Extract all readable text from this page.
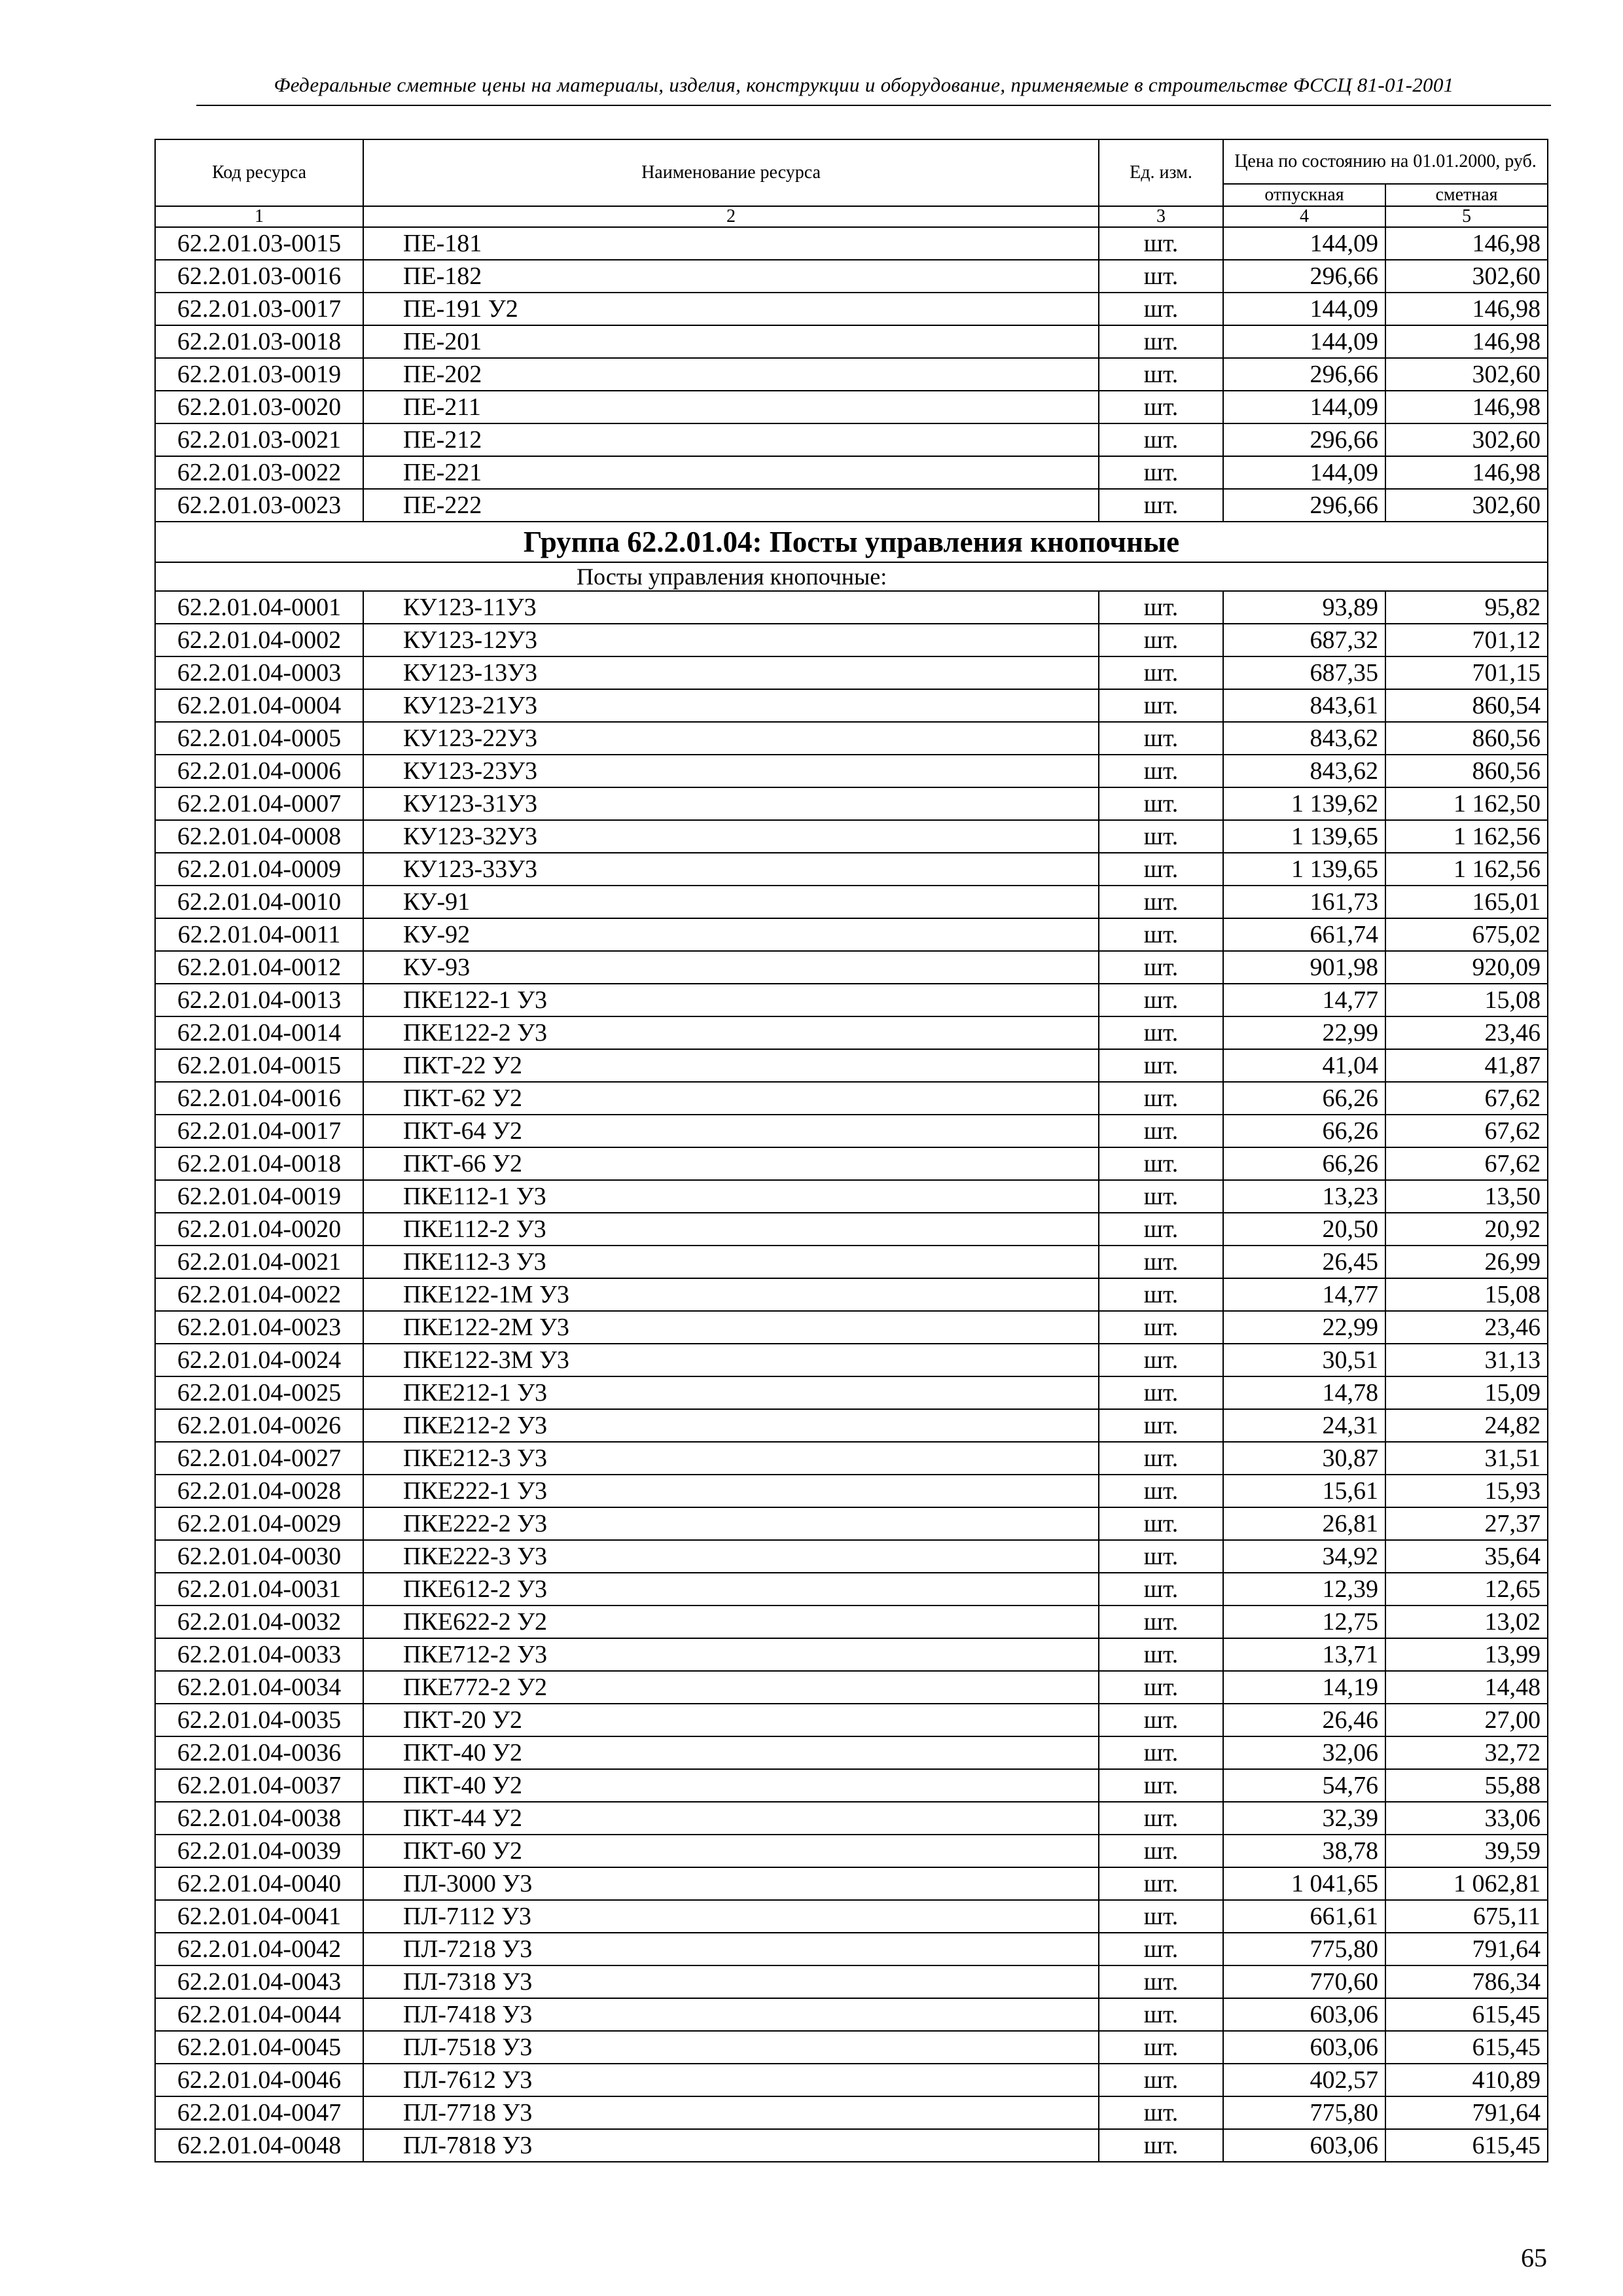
Федеральные сметные цены на материалы, изделия, конструкции и оборудование, применяемые в строительстве ФССЦ 81-01-2001
Код ресурса	Наименование ресурса	Ед. изм.	Цена по состоянию на 01.01.2000, руб.	
			отпускная	сметная
1	2	3	4	5
62.2.01.03-0015	ПЕ-181	шт.	144,09	146,98
62.2.01.03-0016	ПЕ-182	шт.	296,66	302,60
62.2.01.03-0017	ПЕ-191 У2	шт.	144,09	146,98
62.2.01.03-0018	ПЕ-201	шт.	144,09	146,98
62.2.01.03-0019	ПЕ-202	шт.	296,66	302,60
62.2.01.03-0020	ПЕ-211	шт.	144,09	146,98
62.2.01.03-0021	ПЕ-212	шт.	296,66	302,60
62.2.01.03-0022	ПЕ-221	шт.	144,09	146,98
62.2.01.03-0023	ПЕ-222	шт.	296,66	302,60
Группа 62.2.01.04: Посты управления кнопочные				
	Посты управления кнопочные:			
62.2.01.04-0001	КУ123-11У3	шт.	93,89	95,82
62.2.01.04-0002	КУ123-12У3	шт.	687,32	701,12
62.2.01.04-0003	КУ123-13У3	шт.	687,35	701,15
62.2.01.04-0004	КУ123-21У3	шт.	843,61	860,54
62.2.01.04-0005	КУ123-22У3	шт.	843,62	860,56
62.2.01.04-0006	КУ123-23У3	шт.	843,62	860,56
62.2.01.04-0007	КУ123-31У3	шт.	1 139,62	1 162,50
62.2.01.04-0008	КУ123-32У3	шт.	1 139,65	1 162,56
62.2.01.04-0009	КУ123-33У3	шт.	1 139,65	1 162,56
62.2.01.04-0010	КУ-91	шт.	161,73	165,01
62.2.01.04-0011	КУ-92	шт.	661,74	675,02
62.2.01.04-0012	КУ-93	шт.	901,98	920,09
62.2.01.04-0013	ПКЕ122-1 У3	шт.	14,77	15,08
62.2.01.04-0014	ПКЕ122-2 У3	шт.	22,99	23,46
62.2.01.04-0015	ПКТ-22 У2	шт.	41,04	41,87
62.2.01.04-0016	ПКТ-62 У2	шт.	66,26	67,62
62.2.01.04-0017	ПКТ-64 У2	шт.	66,26	67,62
62.2.01.04-0018	ПКТ-66 У2	шт.	66,26	67,62
62.2.01.04-0019	ПКЕ112-1 У3	шт.	13,23	13,50
62.2.01.04-0020	ПКЕ112-2 У3	шт.	20,50	20,92
62.2.01.04-0021	ПКЕ112-3 У3	шт.	26,45	26,99
62.2.01.04-0022	ПКЕ122-1М У3	шт.	14,77	15,08
62.2.01.04-0023	ПКЕ122-2М У3	шт.	22,99	23,46
62.2.01.04-0024	ПКЕ122-3М У3	шт.	30,51	31,13
62.2.01.04-0025	ПКЕ212-1 У3	шт.	14,78	15,09
62.2.01.04-0026	ПКЕ212-2 У3	шт.	24,31	24,82
62.2.01.04-0027	ПКЕ212-3 У3	шт.	30,87	31,51
62.2.01.04-0028	ПКЕ222-1 У3	шт.	15,61	15,93
62.2.01.04-0029	ПКЕ222-2 У3	шт.	26,81	27,37
62.2.01.04-0030	ПКЕ222-3 У3	шт.	34,92	35,64
62.2.01.04-0031	ПКЕ612-2 У3	шт.	12,39	12,65
62.2.01.04-0032	ПКЕ622-2 У2	шт.	12,75	13,02
62.2.01.04-0033	ПКЕ712-2 У3	шт.	13,71	13,99
62.2.01.04-0034	ПКЕ772-2 У2	шт.	14,19	14,48
62.2.01.04-0035	ПКТ-20 У2	шт.	26,46	27,00
62.2.01.04-0036	ПКТ-40 У2	шт.	32,06	32,72
62.2.01.04-0037	ПКТ-40 У2	шт.	54,76	55,88
62.2.01.04-0038	ПКТ-44 У2	шт.	32,39	33,06
62.2.01.04-0039	ПКТ-60 У2	шт.	38,78	39,59
62.2.01.04-0040	ПЛ-3000 У3	шт.	1 041,65	1 062,81
62.2.01.04-0041	ПЛ-7112 У3	шт.	661,61	675,11
62.2.01.04-0042	ПЛ-7218 У3	шт.	775,80	791,64
62.2.01.04-0043	ПЛ-7318 У3	шт.	770,60	786,34
62.2.01.04-0044	ПЛ-7418 У3	шт.	603,06	615,45
62.2.01.04-0045	ПЛ-7518 У3	шт.	603,06	615,45
62.2.01.04-0046	ПЛ-7612 У3	шт.	402,57	410,89
62.2.01.04-0047	ПЛ-7718 У3	шт.	775,80	791,64
62.2.01.04-0048	ПЛ-7818 У3	шт.	603,06	615,45
65
